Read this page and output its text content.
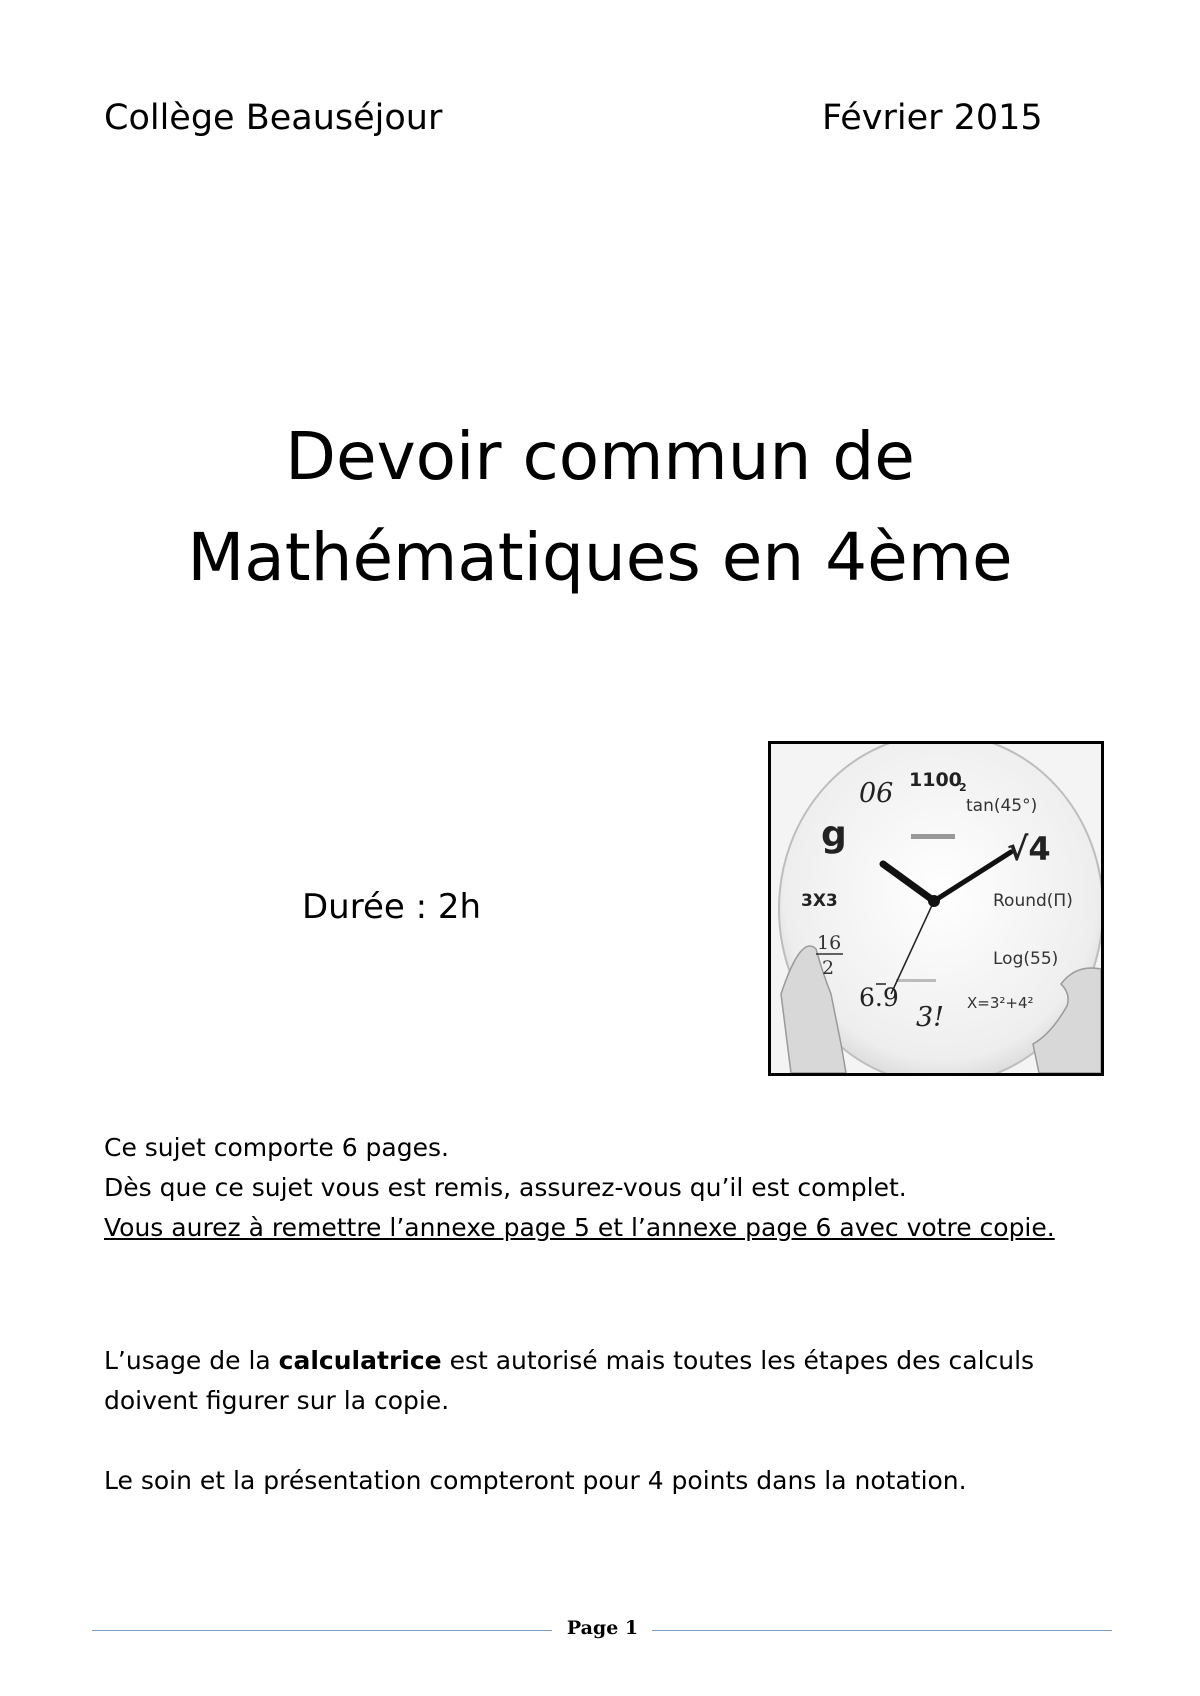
Collège Beauséjour	Février 2015
Devoir commun de
Mathématiques en 4ème
Durée : 2h
06 1100
2
tan(45°)
g	√4
3X3	Round(Π)
16
2	Log(55)
6.9
3! X=3²+4²
Ce sujet comporte 6 pages.
Dès que ce sujet vous est remis, assurez-vous qu’il est complet.
Vous aurez à remettre l’annexe page 5 et l’annexe page 6 avec votre copie.
L’usage de la calculatrice est autorisé mais toutes les étapes des calculs
doivent figurer sur la copie.
Le soin et la présentation compteront pour 4 points dans la notation.
Page 1
